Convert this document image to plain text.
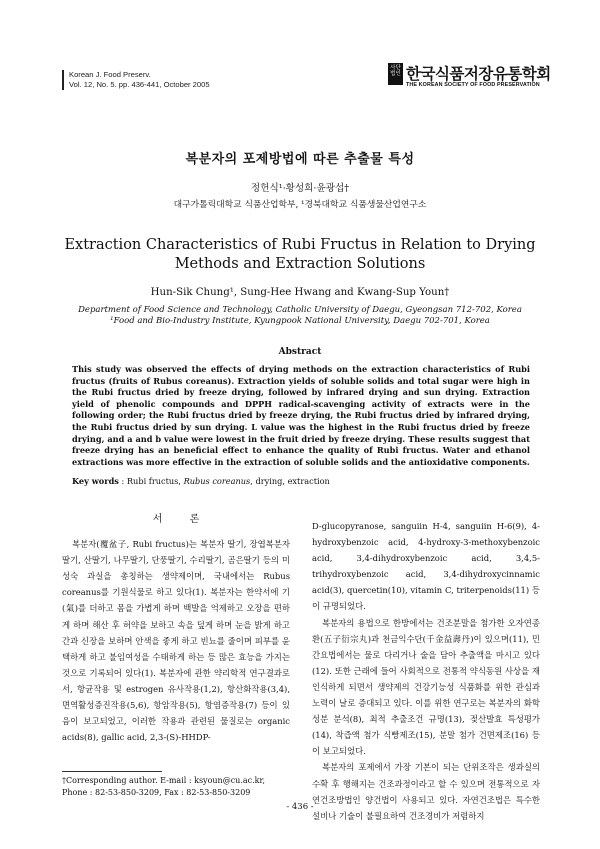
Korean J. Food Preserv.
Vol. 12, No. 5. pp. 436-441, October 2005
사단 법인 한국식품저장유통학회
THE KOREAN SOCIETY OF FOOD PRESERVATION
복분자의 포제방법에 따른 추출물 특성
정헌식¹·황성희·윤광섭†
대구가톨릭대학교 식품산업학부, ¹경북대학교 식품생물산업연구소
Extraction Characteristics of Rubi Fructus in Relation to Drying
Methods and Extraction Solutions
Hun-Sik Chung¹, Sung-Hee Hwang and Kwang-Sup Youn†
Department of Food Science and Technology, Catholic University of Daegu, Gyeongsan 712-702, Korea
¹Food and Bio-Industry Institute, Kyungpook National University, Daegu 702-701, Korea
Abstract
This study was observed the effects of drying methods on the extraction characteristics of Rubi fructus (fruits of Rubus coreanus). Extraction yields of soluble solids and total sugar were high in the Rubi fructus dried by freeze drying, followed by infrared drying and sun drying. Extraction yield of phenolic compounds and DPPH radical-scavenging activity of extracts were in the following order; the Rubi fructus dried by freeze drying, the Rubi fructus dried by infrared drying, the Rubi fructus dried by sun drying. L value was the highest in the Rubi fructus dried by freeze drying, and a and b value were lowest in the fruit dried by freeze drying. These results suggest that freeze drying has an beneficial effect to enhance the quality of Rubi fructus. Water and ethanol extractions was more effective in the extraction of soluble solids and the antioxidative components.
Key words : Rubi fructus, Rubus coreanus, drying, extraction
서 론

복분자(覆盆子, Rubi fructus)는 복분자 딸기, 장엽복분자딸기, 산딸기, 나무딸기, 단풍딸기, 수리딸기, 곰은딸기 등의 미성숙 과실을 총칭하는 생약제이며, 국내에서는 Rubus coreanus를 기원식물로 하고 있다(1). 복분자는 한약서에 기(氣)를 더하고 몸을 가볍게 하며 백발을 억제하고 오장을 편하게 하며 해산 후 허약을 보하고 속을 덮게 하며 눈을 밝게 하고 간과 신장을 보하며 안색을 좋게 하고 빈뇨를 줄이며 피부를 윤택하게 하고 불임여성을 수태하게 하는 등 많은 효능을 가지는 것으로 기록되어 있다(1). 복분자에 관한 약리학적 연구결과로서, 항균작용 및 estrogen 유사작용(1,2), 항산화작용(3,4), 면역활성증진작용(5,6), 항암작용(5), 항염증작용(7) 등이 있음이 보고되었고, 이러한 작용과 관련된 물질로는 organic acids(8), gallic acid, 2,3-(S)-HHDP-

D-glucopyranose, sanguiin H-4, sanguiin H-6(9), 4-hydroxybenzoic acid, 4-hydroxy-3-methoxybenzoic acid, 3,4-dihydroxybenzoic acid, 3,4,5-trihydroxybenzoic acid, 3,4-dihydroxycinnamic acid(3), quercetin(10), vitamin C, triterpenoids(11) 등이 규명되었다.

복분자의 용법으로 한방에서는 건조분말을 첨가한 오자연종환(五子衍宗丸)과 천금익수단(千金益壽丹)이 있으며(11), 민간요법에서는 물로 다리거나 술을 담아 추출액을 마시고 있다(12). 또한 근래에 들어 사회적으로 전통적 약식동원 사상을 재인식하게 되면서 생약제의 건강기능성 식품화를 위한 관심과 노력이 날로 증대되고 있다. 이를 위한 연구로는 복분자의 화학성분 분석(8), 최적 추출조건 규명(13), 젖산발효 특성평가(14), 착즙액 첨가 식빵제조(15), 분말 첨가 건면제조(16) 등이 보고되었다.

복분자의 포제에서 가장 기본이 되는 단위조작은 생과실의 수확 후 행해지는 건조과정이라고 할 수 있으며 전통적으로 자연건조방법인 양건법이 사용되고 있다. 자연건조법은 특수한 설비나 기술이 불필요하여 건조경비가 저렴하지

†Corresponding author. E-mail : ksyoun@cu.ac.kr,
Phone : 82-53-850-3209, Fax : 82-53-850-3209
- 436 -
